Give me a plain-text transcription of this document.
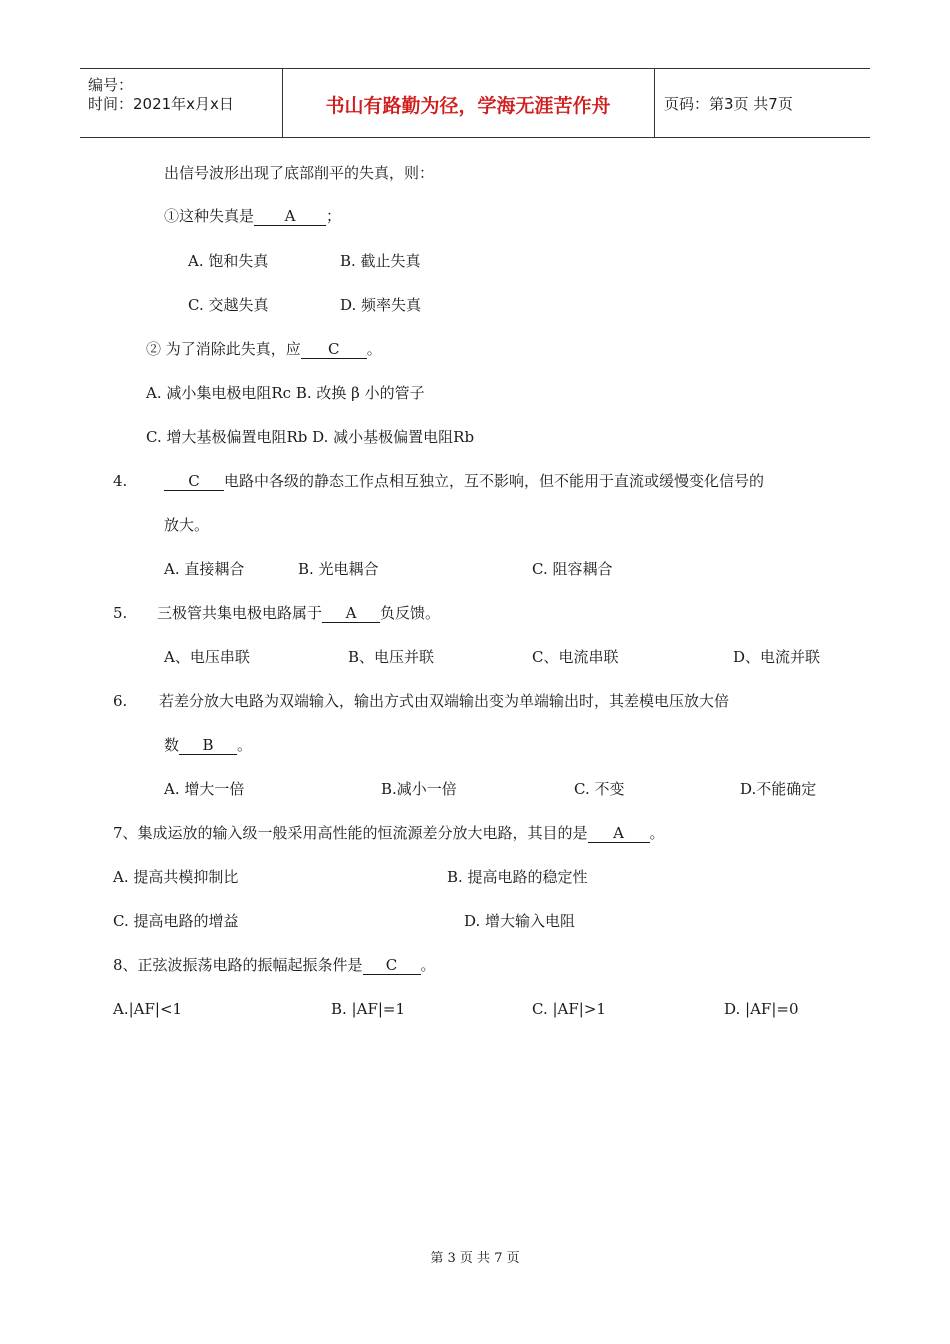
编号：
时间：2021年x月x日	书山有路勤为径，学海无涯苦作舟	页码：第3页 共7页
出信号波形出现了底部削平的失真，则：
①这种失真是 A ；
A. 饱和失真	B. 截止失真
C. 交越失真	D. 频率失真
② 为了消除此失真，应 C 。
A. 减小集电极电阻Rc B. 改换 β 小的管子
C. 增大基极偏置电阻Rb D. 减小基极偏置电阻Rb
4.	C 电路中各级的静态工作点相互独立，互不影响，但不能用于直流或缓慢变化信号的
放大。
A. 直接耦合	B. 光电耦合	C. 阻容耦合
5. 三极管共集电极电路属于 A 负反馈。
A、电压串联	B、电压并联	C、电流串联	D、电流并联
6. 若差分放大电路为双端输入，输出方式由双端输出变为单端输出时，其差模电压放大倍
数 B 。
A. 增大一倍	B.减小一倍	C. 不变	D.不能确定
7、集成运放的输入级一般采用高性能的恒流源差分放大电路，其目的是 A 。
A. 提高共模抑制比	B. 提高电路的稳定性
C. 提高电路的增益	D. 增大输入电阻
8、正弦波振荡电路的振幅起振条件是 C 。
A.|AF|<1	B. |AF|=1	C. |AF|>1	D. |AF|=0
第 3 页 共 7 页
